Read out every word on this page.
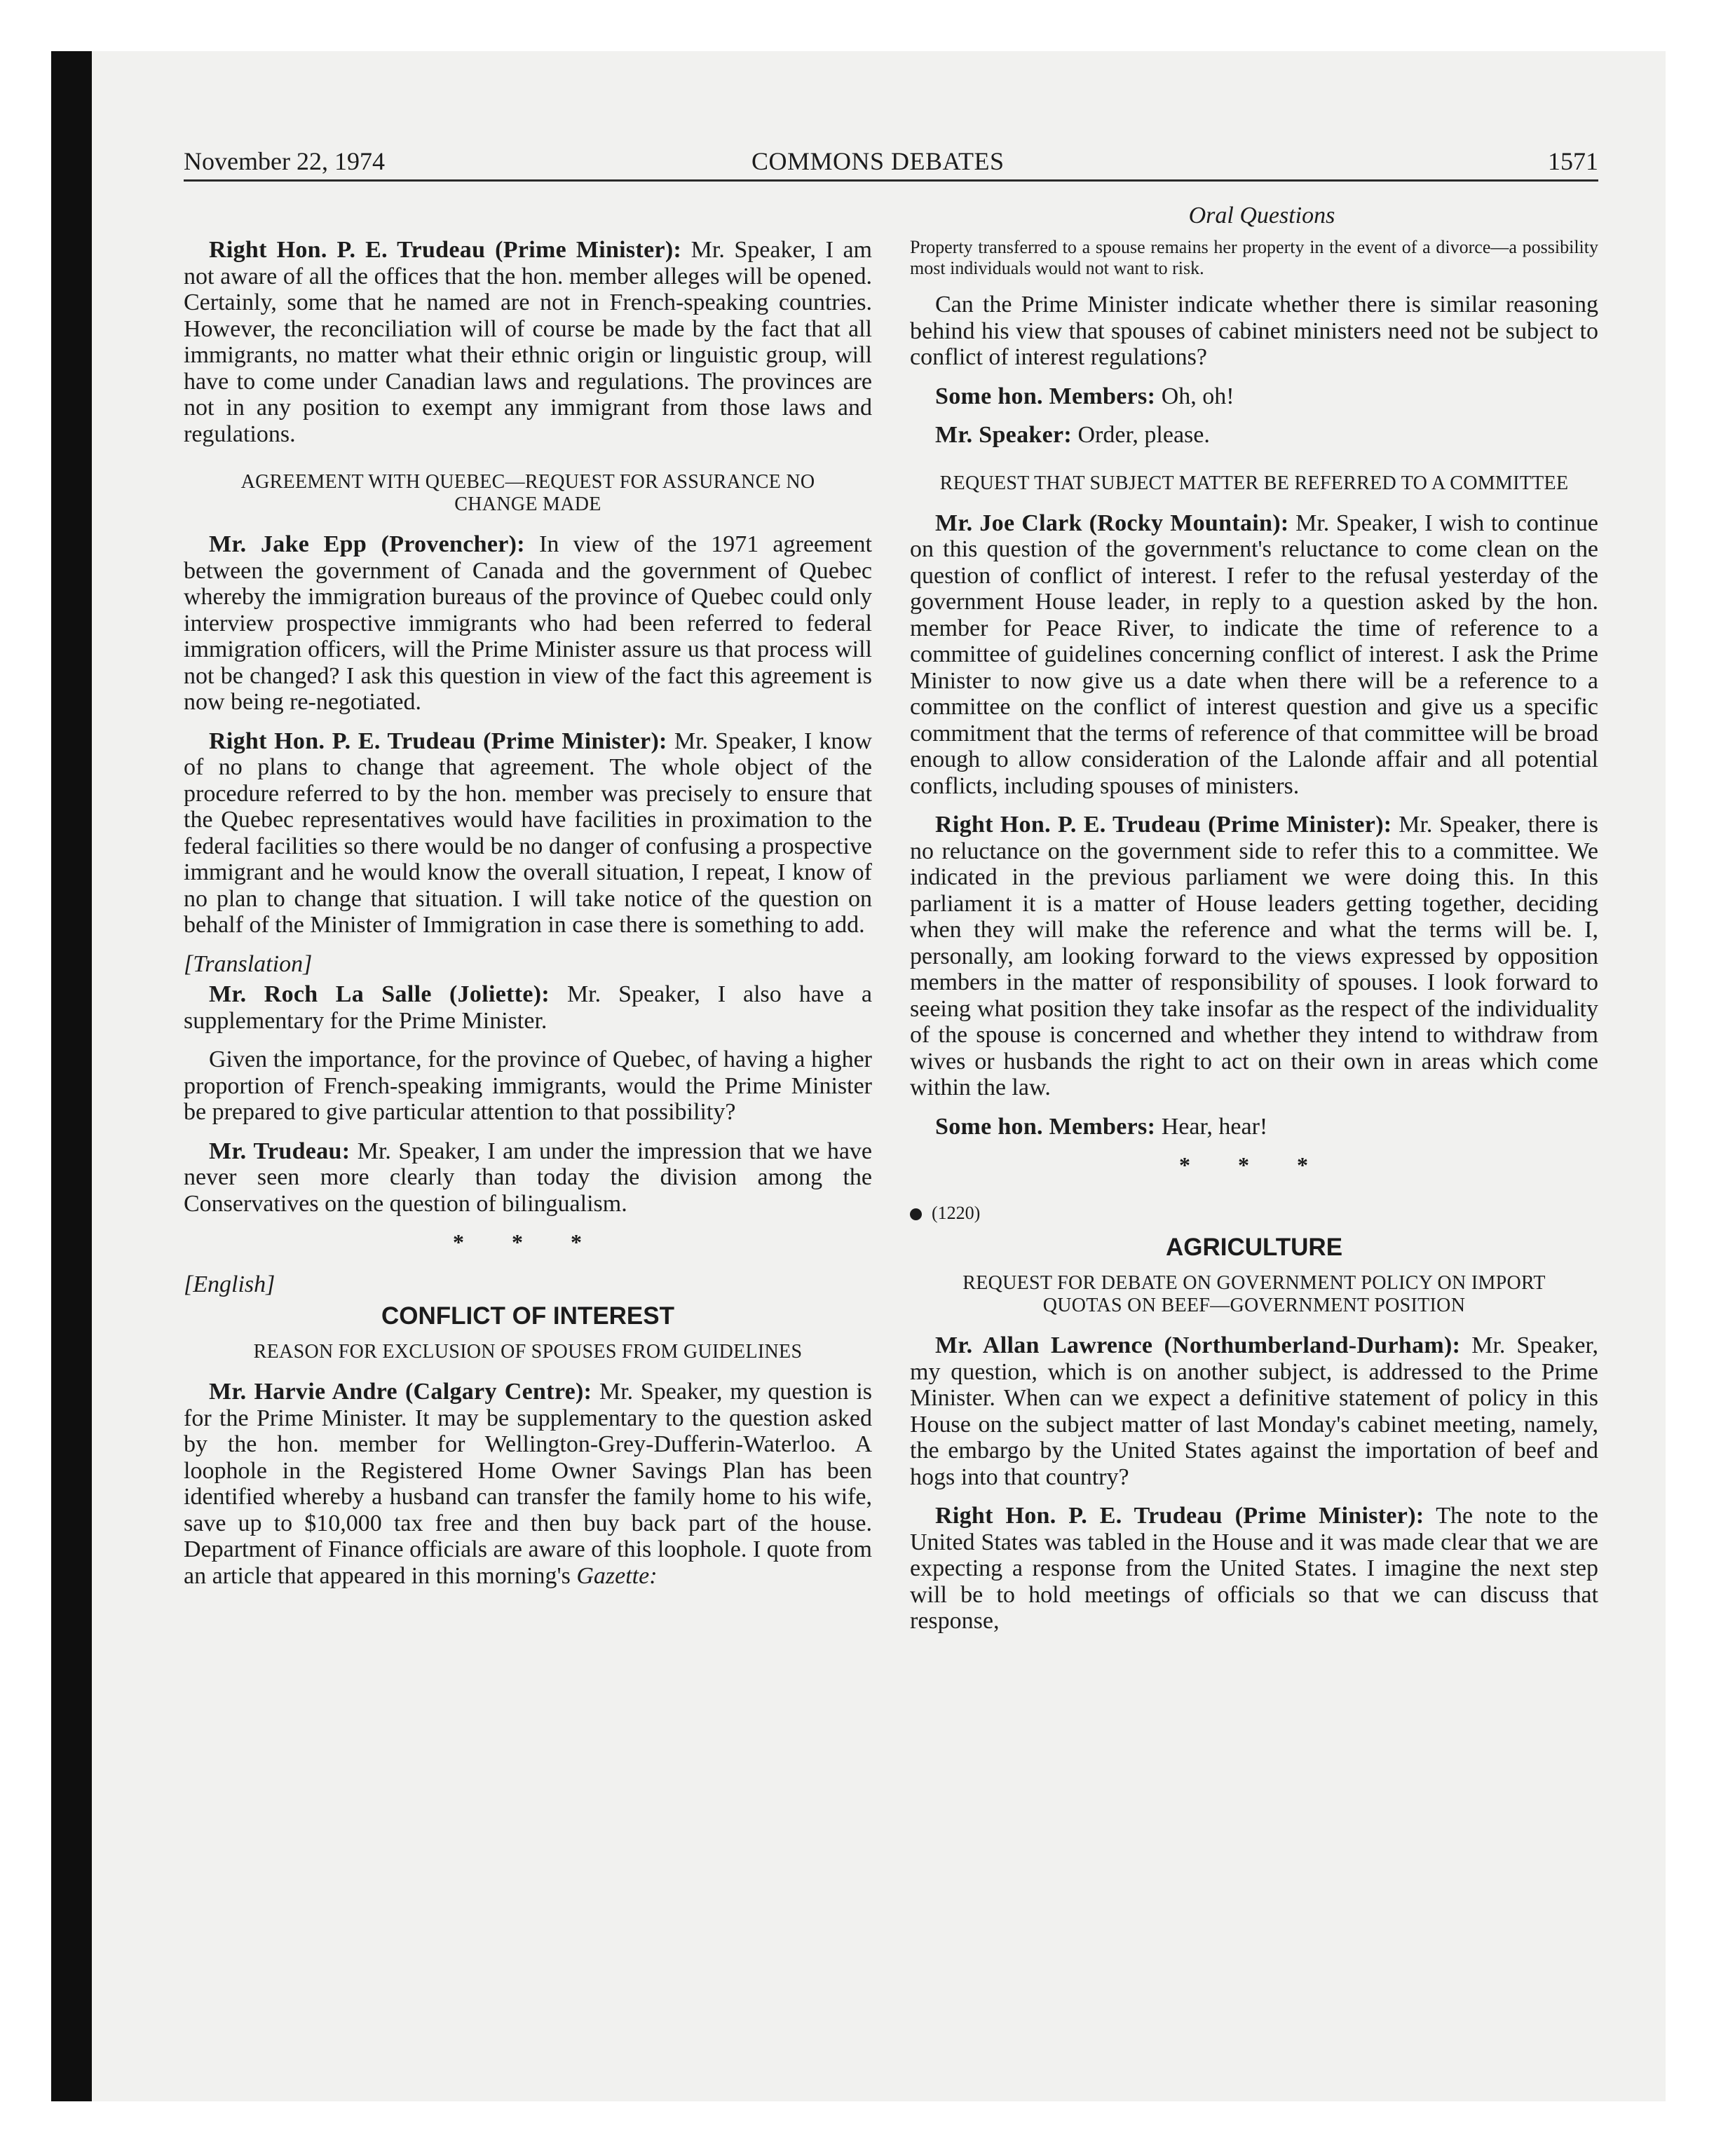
November 22, 1974	COMMONS DEBATES	1571
Oral Questions

Right Hon. P. E. Trudeau (Prime Minister): Mr. Speaker, I am not aware of all the offices that the hon. member alleges will be opened. Certainly, some that he named are not in French-speaking countries. However, the reconciliation will of course be made by the fact that all immigrants, no matter what their ethnic origin or linguistic group, will have to come under Canadian laws and regulations. The provinces are not in any position to exempt any immigrant from those laws and regulations.

AGREEMENT WITH QUEBEC—REQUEST FOR ASSURANCE NO CHANGE MADE

Mr. Jake Epp (Provencher): In view of the 1971 agreement between the government of Canada and the government of Quebec whereby the immigration bureaus of the province of Quebec could only interview prospective immigrants who had been referred to federal immigration officers, will the Prime Minister assure us that process will not be changed? I ask this question in view of the fact this agreement is now being re-negotiated.

Right Hon. P. E. Trudeau (Prime Minister): Mr. Speaker, I know of no plans to change that agreement. The whole object of the procedure referred to by the hon. member was precisely to ensure that the Quebec representatives would have facilities in proximation to the federal facilities so there would be no danger of confusing a prospective immigrant and he would know the overall situation, I repeat, I know of no plan to change that situation. I will take notice of the question on behalf of the Minister of Immigration in case there is something to add.

[Translation]

Mr. Roch La Salle (Joliette): Mr. Speaker, I also have a supplementary for the Prime Minister.

Given the importance, for the province of Quebec, of having a higher proportion of French-speaking immigrants, would the Prime Minister be prepared to give particular attention to that possibility?

Mr. Trudeau: Mr. Speaker, I am under the impression that we have never seen more clearly than today the division among the Conservatives on the question of bilingualism.

* * *

[English]

CONFLICT OF INTEREST

REASON FOR EXCLUSION OF SPOUSES FROM GUIDELINES

Mr. Harvie Andre (Calgary Centre): Mr. Speaker, my question is for the Prime Minister. It may be supplementary to the question asked by the hon. member for Wellington-Grey-Dufferin-Waterloo. A loophole in the Registered Home Owner Savings Plan has been identified whereby a husband can transfer the family home to his wife, save up to $10,000 tax free and then buy back part of the house. Department of Finance officials are aware of this loophole. I quote from an article that appeared in this morning's Gazette:

Property transferred to a spouse remains her property in the event of a divorce—a possibility most individuals would not want to risk.

Can the Prime Minister indicate whether there is similar reasoning behind his view that spouses of cabinet ministers need not be subject to conflict of interest regulations?

Some hon. Members: Oh, oh!

Mr. Speaker: Order, please.

REQUEST THAT SUBJECT MATTER BE REFERRED TO A COMMITTEE

Mr. Joe Clark (Rocky Mountain): Mr. Speaker, I wish to continue on this question of the government's reluctance to come clean on the question of conflict of interest. I refer to the refusal yesterday of the government House leader, in reply to a question asked by the hon. member for Peace River, to indicate the time of reference to a committee of guidelines concerning conflict of interest. I ask the Prime Minister to now give us a date when there will be a reference to a committee on the conflict of interest question and give us a specific commitment that the terms of reference of that committee will be broad enough to allow consideration of the Lalonde affair and all potential conflicts, including spouses of ministers.

Right Hon. P. E. Trudeau (Prime Minister): Mr. Speaker, there is no reluctance on the government side to refer this to a committee. We indicated in the previous parliament we were doing this. In this parliament it is a matter of House leaders getting together, deciding when they will make the reference and what the terms will be. I, personally, am looking forward to the views expressed by opposition members in the matter of responsibility of spouses. I look forward to seeing what position they take insofar as the respect of the individuality of the spouse is concerned and whether they intend to withdraw from wives or husbands the right to act on their own in areas which come within the law.

Some hon. Members: Hear, hear!

* * *

(1220)

AGRICULTURE

REQUEST FOR DEBATE ON GOVERNMENT POLICY ON IMPORT QUOTAS ON BEEF—GOVERNMENT POSITION

Mr. Allan Lawrence (Northumberland-Durham): Mr. Speaker, my question, which is on another subject, is addressed to the Prime Minister. When can we expect a definitive statement of policy in this House on the subject matter of last Monday's cabinet meeting, namely, the embargo by the United States against the importation of beef and hogs into that country?

Right Hon. P. E. Trudeau (Prime Minister): The note to the United States was tabled in the House and it was made clear that we are expecting a response from the United States. I imagine the next step will be to hold meetings of officials so that we can discuss that response,
